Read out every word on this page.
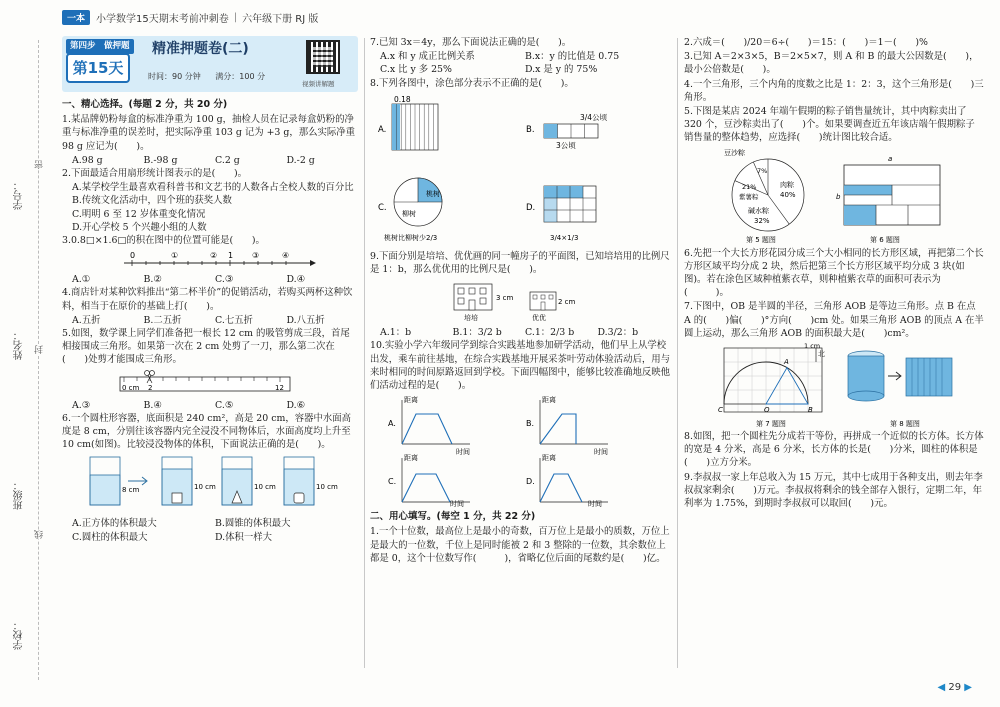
一本	小学数学15天期末考前冲刺卷 | 六年级下册 RJ 版
学号：
姓名：
班级：
学校：
密
封
线
第四步　做押题
第15天
精准押题卷(二)
时间：90 分钟 满分：100 分
视频讲解题
一、精心选择。(每题 2 分，共 20 分)
1.某品牌奶粉每盒的标准净重为 100 g，抽检人员在记录每盒奶粉的净重与标准净重的误差时，把实际净重 103 g 记为 +3 g，那么实际净重 98 g 应记为(　　)。
A.98 g	B.-98 g	C.2 g	D.-2 g
2.下面最适合用扇形统计图表示的是(　　)。
A.某学校学生最喜欢看科普书和文艺书的人数各占全校人数的百分比
B.传统文化活动中，四个班的获奖人数
C.明明 6 至 12 岁体重变化情况
D.开心学校 5 个兴趣小组的人数
3.0.8□×1.6□的积在图中的位置可能是(　　)。
0	①	② 1 ③	④
A.①	B.②	C.③	D.④
4.商店针对某种饮料推出“第二杯半价”的促销活动，若购买两杯这种饮料，相当于在原价的基础上打(　　)。
A.五折	B.二五折	C.七五折	D.八五折
5.如图，数学课上同学们准备把一根长 12 cm 的吸管剪成三段，首尾相接围成三角形。如果第一次在 2 cm 处剪了一刀，那么第二次在(　　)处剪才能围成三角形。
0 cm 2	12
A.③	B.④	C.⑤	D.⑥
6.一个圆柱形容器，底面积是 240 cm²，高是 20 cm，容器中水面高度是 8 cm，分别往该容器内完全浸没不同物体后，水面高度均上升至 10 cm(如图)。比较浸没物体的体积，下面说法正确的是(　　)。
8 cm	10 cm	10 cm	10 cm
A.正方体的体积最大	B.圆锥的体积最大
C.圆柱的体积最大	D.体积一样大
7.已知 3x＝4y，那么下面说法正确的是(　　)。
A.x 和 y 成正比例关系	B.x：y 的比值是 0.75
C.x 比 y 多 25%	D.x 是 y 的 75%
8.下列各图中，涂色部分表示不正确的是(　　)。
0.18
A.	B.
3/4公顷
3公顷
C.
桃树
柳树
桃树比柳树少2/3
D.
3/4×1/3
9.下面分别是培培、优优画的同一幢房子的平面图，已知培培用的比例尺是 1：b，那么优优用的比例尺是(　　)。
3 cm
培培
2 cm
优优
A.1：b	B.1：3/2 b	C.1：2/3 b	D.3/2：b
10.实验小学六年级同学到综合实践基地参加研学活动，他们早上从学校出发，乘车前往基地，在综合实践基地开展采茶叶劳动体验活动后，用与来时相同的时间原路返回到学校。下面四幅图中，能够比较准确地反映他们活动过程的是(　　)。
距离
时间
A.
距离
时间
B.
距离
时间
C.
距离
时间
D.
二、用心填写。(每空 1 分，共 22 分)
1.一个十位数，最高位上是最小的奇数，百万位上是最小的质数，万位上是最大的一位数，千位上是同时能被 2 和 3 整除的一位数，其余数位上都是 0，这个十位数写作(　　　)，省略亿位后面的尾数约是(　　)亿。
2.六成＝(　　)/20＝6÷(　　)＝15：(　　)＝1－(　　)%
3.已知 A＝2×3×5，B＝2×5×7，则 A 和 B 的最大公因数是(　　)，最小公倍数是(　　)。
4.一个三角形，三个内角的度数之比是 1：2：3，这个三角形是(　　)三角形。
5.下图是某店 2024 年端午假期的粽子销售量统计，其中肉粽卖出了 320 个，豆沙粽卖出了(　　)个。如果要调查近五年该店端午假期粽子销售量的整体趋势，应选择(　　)统计图比较合适。
豆沙粽
7%
21%
紫薯粽
肉粽
40%
碱水粽
32%
第 5 题图
a
b
第 6 题图
6.先把一个大长方形花园分成三个大小相同的长方形区域，再把第二个长方形区域平均分成 2 块，然后把第三个长方形区域平均分成 3 块(如图)。若在涂色区域种植紫衣草，则种植紫衣草的面积可表示为(　　　)。
7.下图中，OB 是半圆的半径，三角形 AOB 是等边三角形。点 B 在点 A 的(　　)偏(　　)°方向(　　)cm 处。如果三角形 AOB 的顶点 A 在半圆上运动，那么三角形 AOB 的面积最大是(　　)cm²。
1 cm
北
A
C	O	B
第 7 题图	第 8 题图
8.如图，把一个圆柱先分成若干等份，再拼成一个近似的长方体。长方体的宽是 4 分米，高是 6 分米，长方体的长是(　　)分米，圆柱的体积是(　　)立方分米。
9.李叔叔一家上年总收入为 15 万元，其中七成用于各种支出，则去年李叔叔家剩余(　　)万元。李叔叔将剩余的钱全部存入银行，定期二年，年利率为 1.75%，到期时李叔叔可以取回(　　)元。
◀ 29 ▶
